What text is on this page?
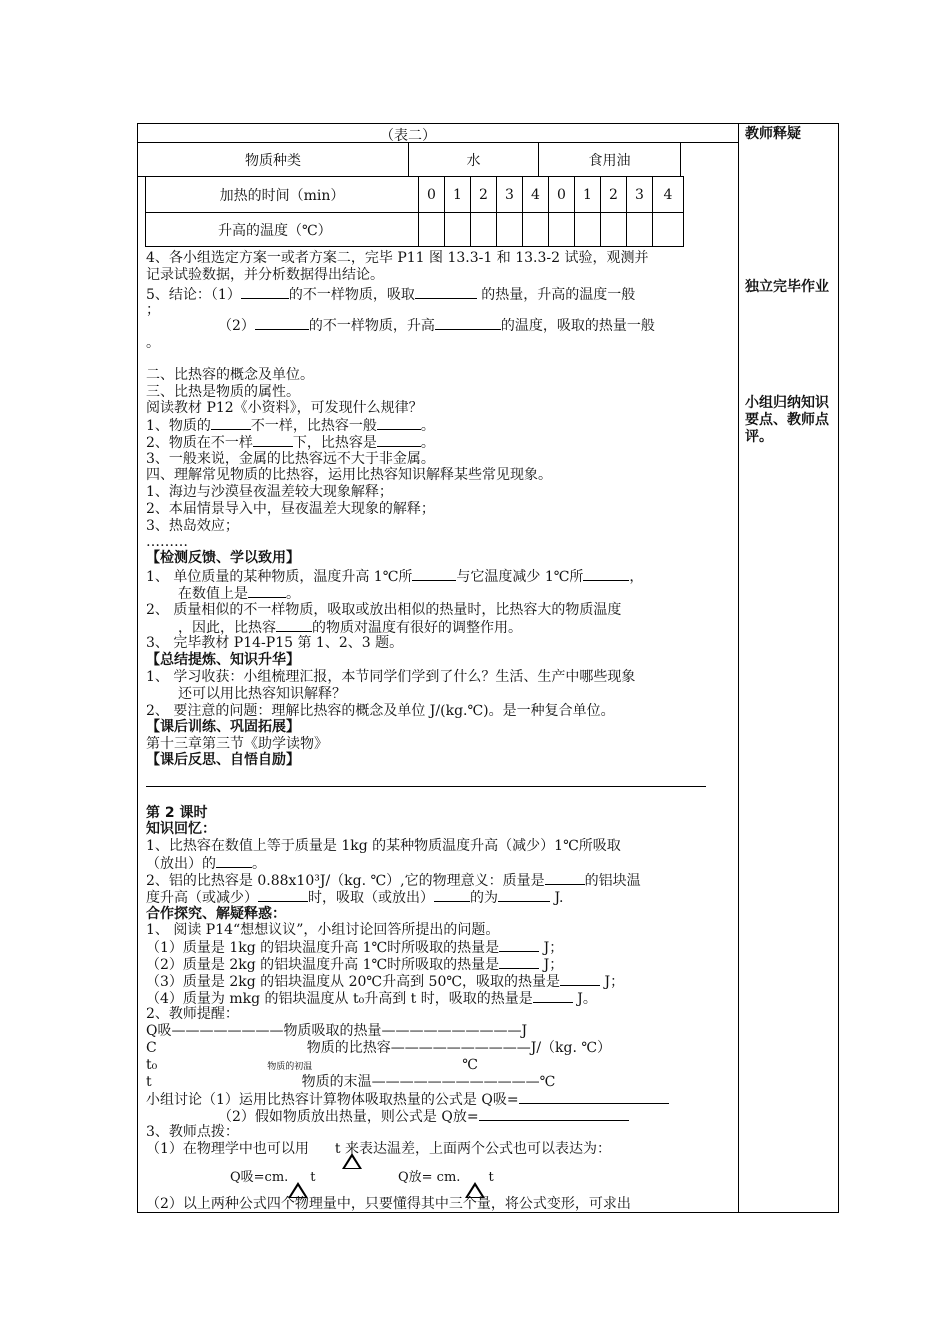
教师释疑
独立完毕作业
小组归纳知识要点、教师点评。
（表二）
物质种类	水	食用油
加热的时间（min）	0	1	2	3	4	0	1	2	3	4
升高的温度（℃）										
4、各小组选定方案一或者方案二，完毕 P11 图 13.3-1 和 13.3-2 试验，观测并
记录试验数据，并分析数据得出结论。
5、结论：（1）	的不一样物质，吸取	的热量，升高的温度一般
；
（2）	的不一样物质，升高	的温度，吸取的热量一般
。
二、比热容的概念及单位。
三、比热是物质的属性。
阅读教材 P12《小资料》，可发现什么规律？
1、物质的	不一样，比热容一般	。
2、物质在不一样	下，比热容是	。
3、一般来说，金属的比热容远不大于非金属。
四、理解常见物质的比热容，运用比热容知识解释某些常见现象。
1、海边与沙漠昼夜温差较大现象解释；
2、本届情景导入中，昼夜温差大现象的解释；
3、热岛效应；
………
【检测反馈、学以致用】
1、 单位质量的某种物质，温度升高 1℃所	与它温度减少 1℃所	，
在数值上是	。
2、 质量相似的不一样物质，吸取或放出相似的热量时，比热容大的物质温度
，因此，比热容	的物质对温度有很好的调整作用。
3、 完毕教材 P14-P15 第 1、2、3 题。
【总结提炼、知识升华】
1、 学习收获：小组梳理汇报，本节同学们学到了什么？生活、生产中哪些现象
还可以用比热容知识解释？
2、 要注意的问题：理解比热容的概念及单位 J/(kg.℃)。是一种复合单位。
【课后训练、巩固拓展】
第十三章第三节《助学读物》
【课后反思、自悟自励】
第 2 课时
知识回忆：
1、比热容在数值上等于质量是 1kg 的某种物质温度升高（减少）1℃所吸取
（放出）的	。
2、铝的比热容是 0.88x10³J/（kg. ℃）,它的物理意义：质量是	的铝块温
度升高（或减少）	时，吸取（或放出）	的为	J.
合作探究、解疑释惑：
1、 阅读 P14“想想议议”，小组讨论回答所提出的问题。
（1）质量是 1kg 的铝块温度升高 1℃时所吸取的热量是	J；
（2）质量是 2kg 的铝块温度升高 1℃时所吸取的热量是	J；
（3）质量是 2kg 的铝块温度从 20℃升高到 50℃，吸取的热量是	J；
（4）质量为 mkg 的铝块温度从 t₀升高到 t 时，吸取的热量是	J。
2、教师提醒：
Q吸————————物质吸取的热量——————————J
C	物质的比热容——————————J/（kg. ℃）
t₀	物质的初温	℃
t	物质的末温————————————℃
小组讨论（1）运用比热容计算物体吸取热量的公式是 Q吸=
（2）假如物质放出热量，则公式是 Q放=
3、教师点拨：
（1）在物理学中也可以用 t 来表达温差，上面两个公式也可以表达为：
Q吸=cm. t	Q放= cm. t
（2）以上两种公式四个物理量中，只要懂得其中三个量，将公式变形，可求出
